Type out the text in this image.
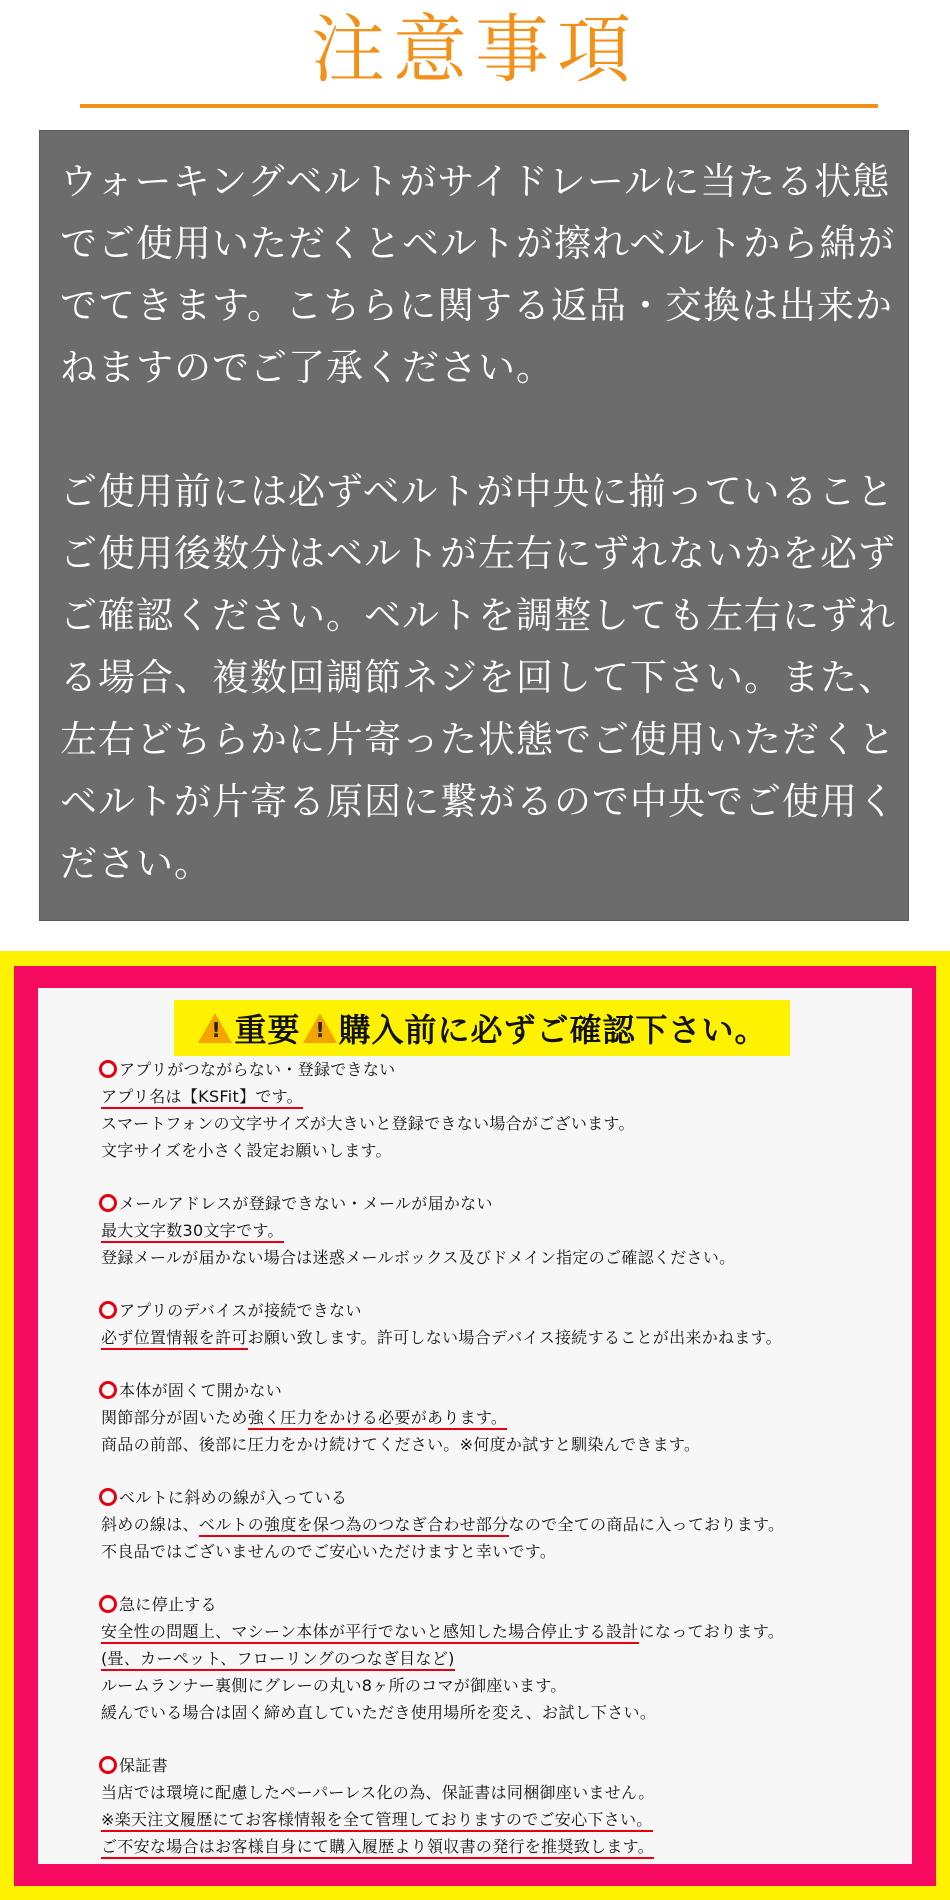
注意事項

ウォーキングベルトがサイドレールに当たる状態でご使用いただくとベルトが擦れベルトから綿がでてきます。こちらに関する返品・交換は出来かねますのでご了承ください。

ご使用前には必ずベルトが中央に揃っていることご使用後数分はベルトが左右にずれないかを必ずご確認ください。ベルトを調整しても左右にずれる場合、複数回調節ネジを回して下さい。また、左右どちらかに片寄った状態でご使用いただくとベルトが片寄る原因に繋がるので中央でご使用ください。

! 重要 ! 購入前に必ずご確認下さい。
アプリがつながらない・登録できない
アプリ名は【KSFit】です。
スマートフォンの文字サイズが大きいと登録できない場合がございます。
文字サイズを小さく設定お願いします。
メールアドレスが登録できない・メールが届かない
最大文字数30文字です。
登録メールが届かない場合は迷惑メールボックス及びドメイン指定のご確認ください。
アプリのデバイスが接続できない
必ず位置情報を許可お願い致します。許可しない場合デバイス接続することが出来かねます。
本体が固くて開かない
関節部分が固いため強く圧力をかける必要があります。
商品の前部、後部に圧力をかけ続けてください。※何度か試すと馴染んできます。
ベルトに斜めの線が入っている
斜めの線は、ベルトの強度を保つ為のつなぎ合わせ部分なので全ての商品に入っております。
不良品ではございませんのでご安心いただけますと幸いです。
急に停止する
安全性の問題上、マシーン本体が平行でないと感知した場合停止する設計になっております。
(畳、カーペット、フローリングのつなぎ目など)
ルームランナー裏側にグレーの丸い8ヶ所のコマが御座います。
緩んでいる場合は固く締め直していただき使用場所を変え、お試し下さい。
保証書
当店では環境に配慮したペーパーレス化の為、保証書は同梱御座いません。
※楽天注文履歴にてお客様情報を全て管理しておりますのでご安心下さい。
ご不安な場合はお客様自身にて購入履歴より領収書の発行を推奨致します。
